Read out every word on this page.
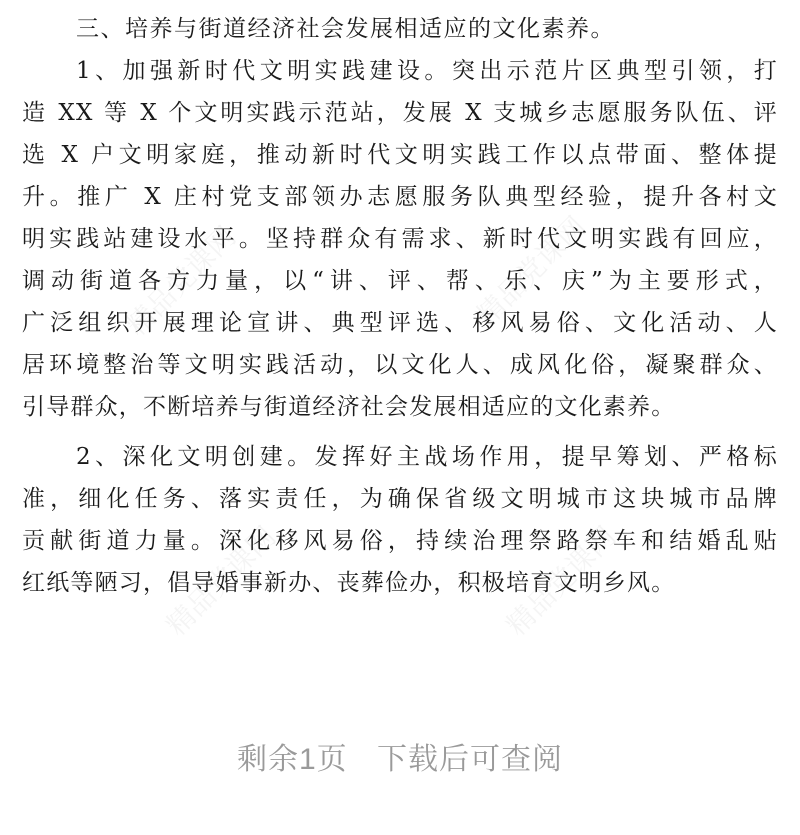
精品党课网	精品党课网
精品党课网	精品党课网
三、培养与街道经济社会发展相适应的文化素养。
1、加强新时代文明实践建设。突出示范片区典型引领，打
造 XX 等 X 个文明实践示范站，发展 X 支城乡志愿服务队伍、评
选 X 户文明家庭，推动新时代文明实践工作以点带面、整体提
升。推广 X 庄村党支部领办志愿服务队典型经验，提升各村文
明实践站建设水平。坚持群众有需求、新时代文明实践有回应，
调动街道各方力量，以“讲、评、帮、乐、庆”为主要形式，
广泛组织开展理论宣讲、典型评选、移风易俗、文化活动、人
居环境整治等文明实践活动，以文化人、成风化俗，凝聚群众、
引导群众，不断培养与街道经济社会发展相适应的文化素养。
2、深化文明创建。发挥好主战场作用，提早筹划、严格标
准，细化任务、落实责任，为确保省级文明城市这块城市品牌
贡献街道力量。深化移风易俗，持续治理祭路祭车和结婚乱贴
红纸等陋习，倡导婚事新办、丧葬俭办，积极培育文明乡风。
剩余1页 下载后可查阅
